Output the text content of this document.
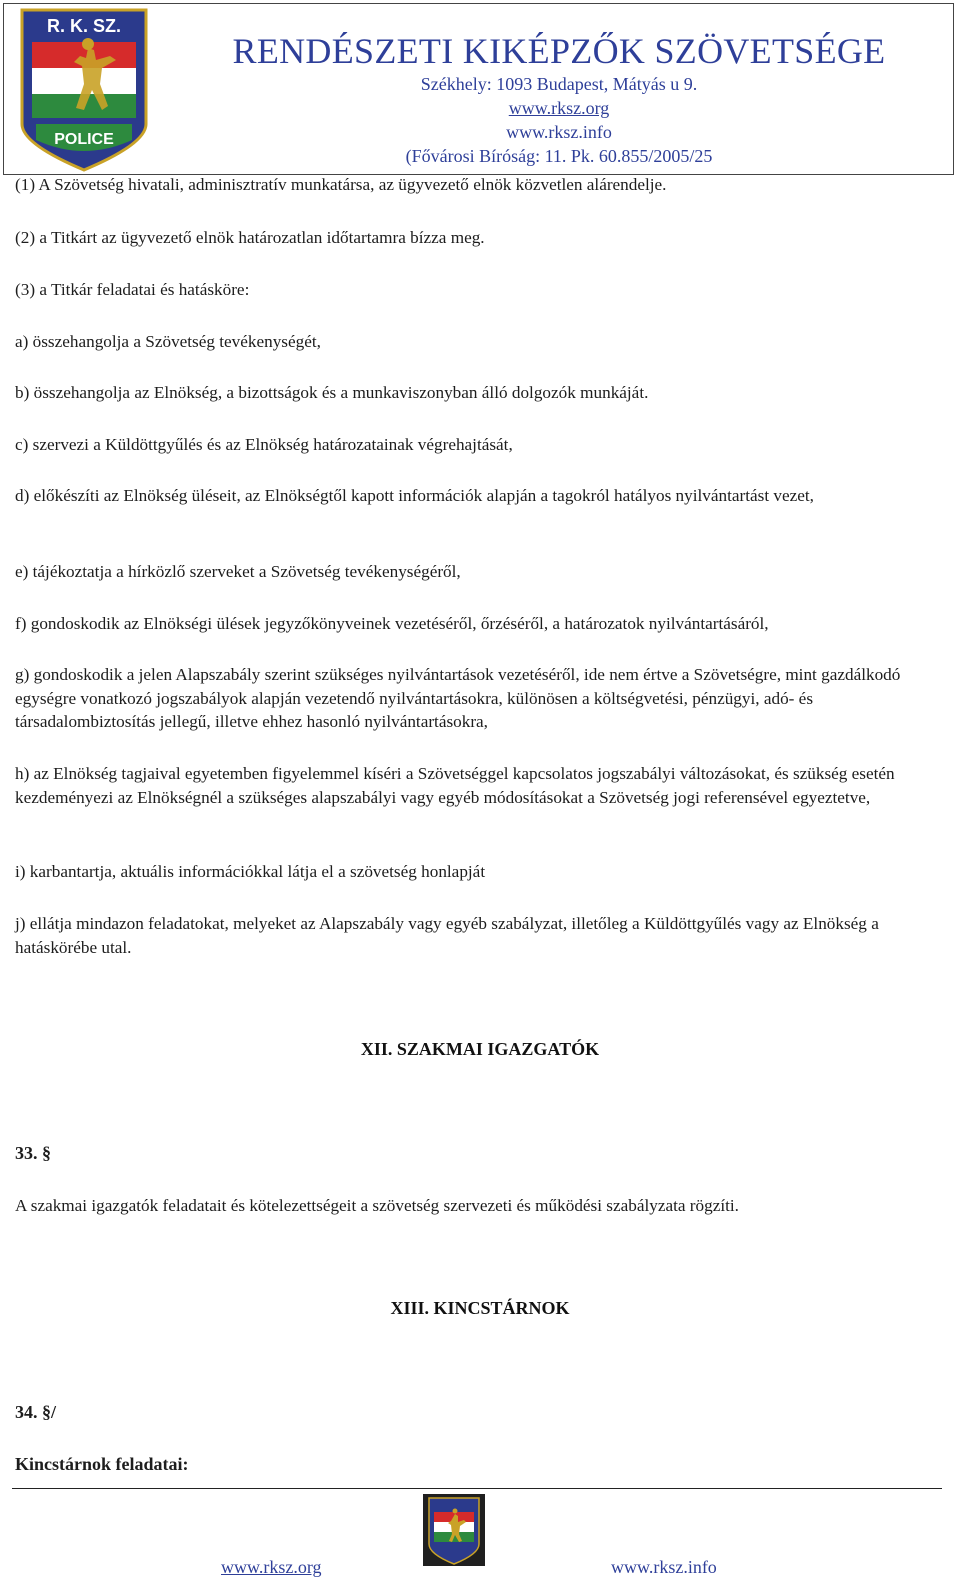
R. K. SZ.
POLICE
RENDÉSZETI KIKÉPZŐK SZÖVETSÉGE
Székhely: 1093 Budapest, Mátyás u 9.
www.rksz.org
www.rksz.info
(Fővárosi Bíróság: 11. Pk. 60.855/2005/25
(1) A Szövetség hivatali, adminisztratív munkatársa, az ügyvezető elnök közvetlen alárendelje.
(2) a Titkárt az ügyvezető elnök határozatlan időtartamra bízza meg.
(3) a Titkár feladatai és hatásköre:
a) összehangolja a Szövetség tevékenységét,
b) összehangolja az Elnökség, a bizottságok és a munkaviszonyban álló dolgozók munkáját.
c) szervezi a Küldöttgyűlés és az Elnökség határozatainak végrehajtását,
d) előkészíti az Elnökség üléseit, az Elnökségtől kapott információk alapján a tagokról hatályos nyilvántartást vezet,
e) tájékoztatja a hírközlő szerveket a Szövetség tevékenységéről,
f) gondoskodik az Elnökségi ülések jegyzőkönyveinek vezetéséről, őrzéséről, a határozatok nyilvántartásáról,
g) gondoskodik a jelen Alapszabály szerint szükséges nyilvántartások vezetéséről, ide nem értve a Szövetségre, mint gazdálkodó egységre vonatkozó jogszabályok alapján vezetendő nyilvántartásokra, különösen a költségvetési, pénzügyi, adó- és társadalombiztosítás jellegű, illetve ehhez hasonló nyilvántartásokra,
h) az Elnökség tagjaival egyetemben figyelemmel kíséri a Szövetséggel kapcsolatos jogszabályi változásokat, és szükség esetén kezdeményezi az Elnökségnél a szükséges alapszabályi vagy egyéb módosításokat a Szövetség jogi referensével egyeztetve,
i) karbantartja, aktuális információkkal látja el a szövetség honlapját
j) ellátja mindazon feladatokat, melyeket az Alapszabály vagy egyéb szabályzat, illetőleg a Küldöttgyűlés vagy az Elnökség a hatáskörébe utal.
XII. SZAKMAI IGAZGATÓK
33. §
A szakmai igazgatók feladatait és kötelezettségeit a szövetség szervezeti és működési szabályzata rögzíti.
XIII. KINCSTÁRNOK
34. §/
Kincstárnok feladatai:
www.rksz.org	www.rksz.info
